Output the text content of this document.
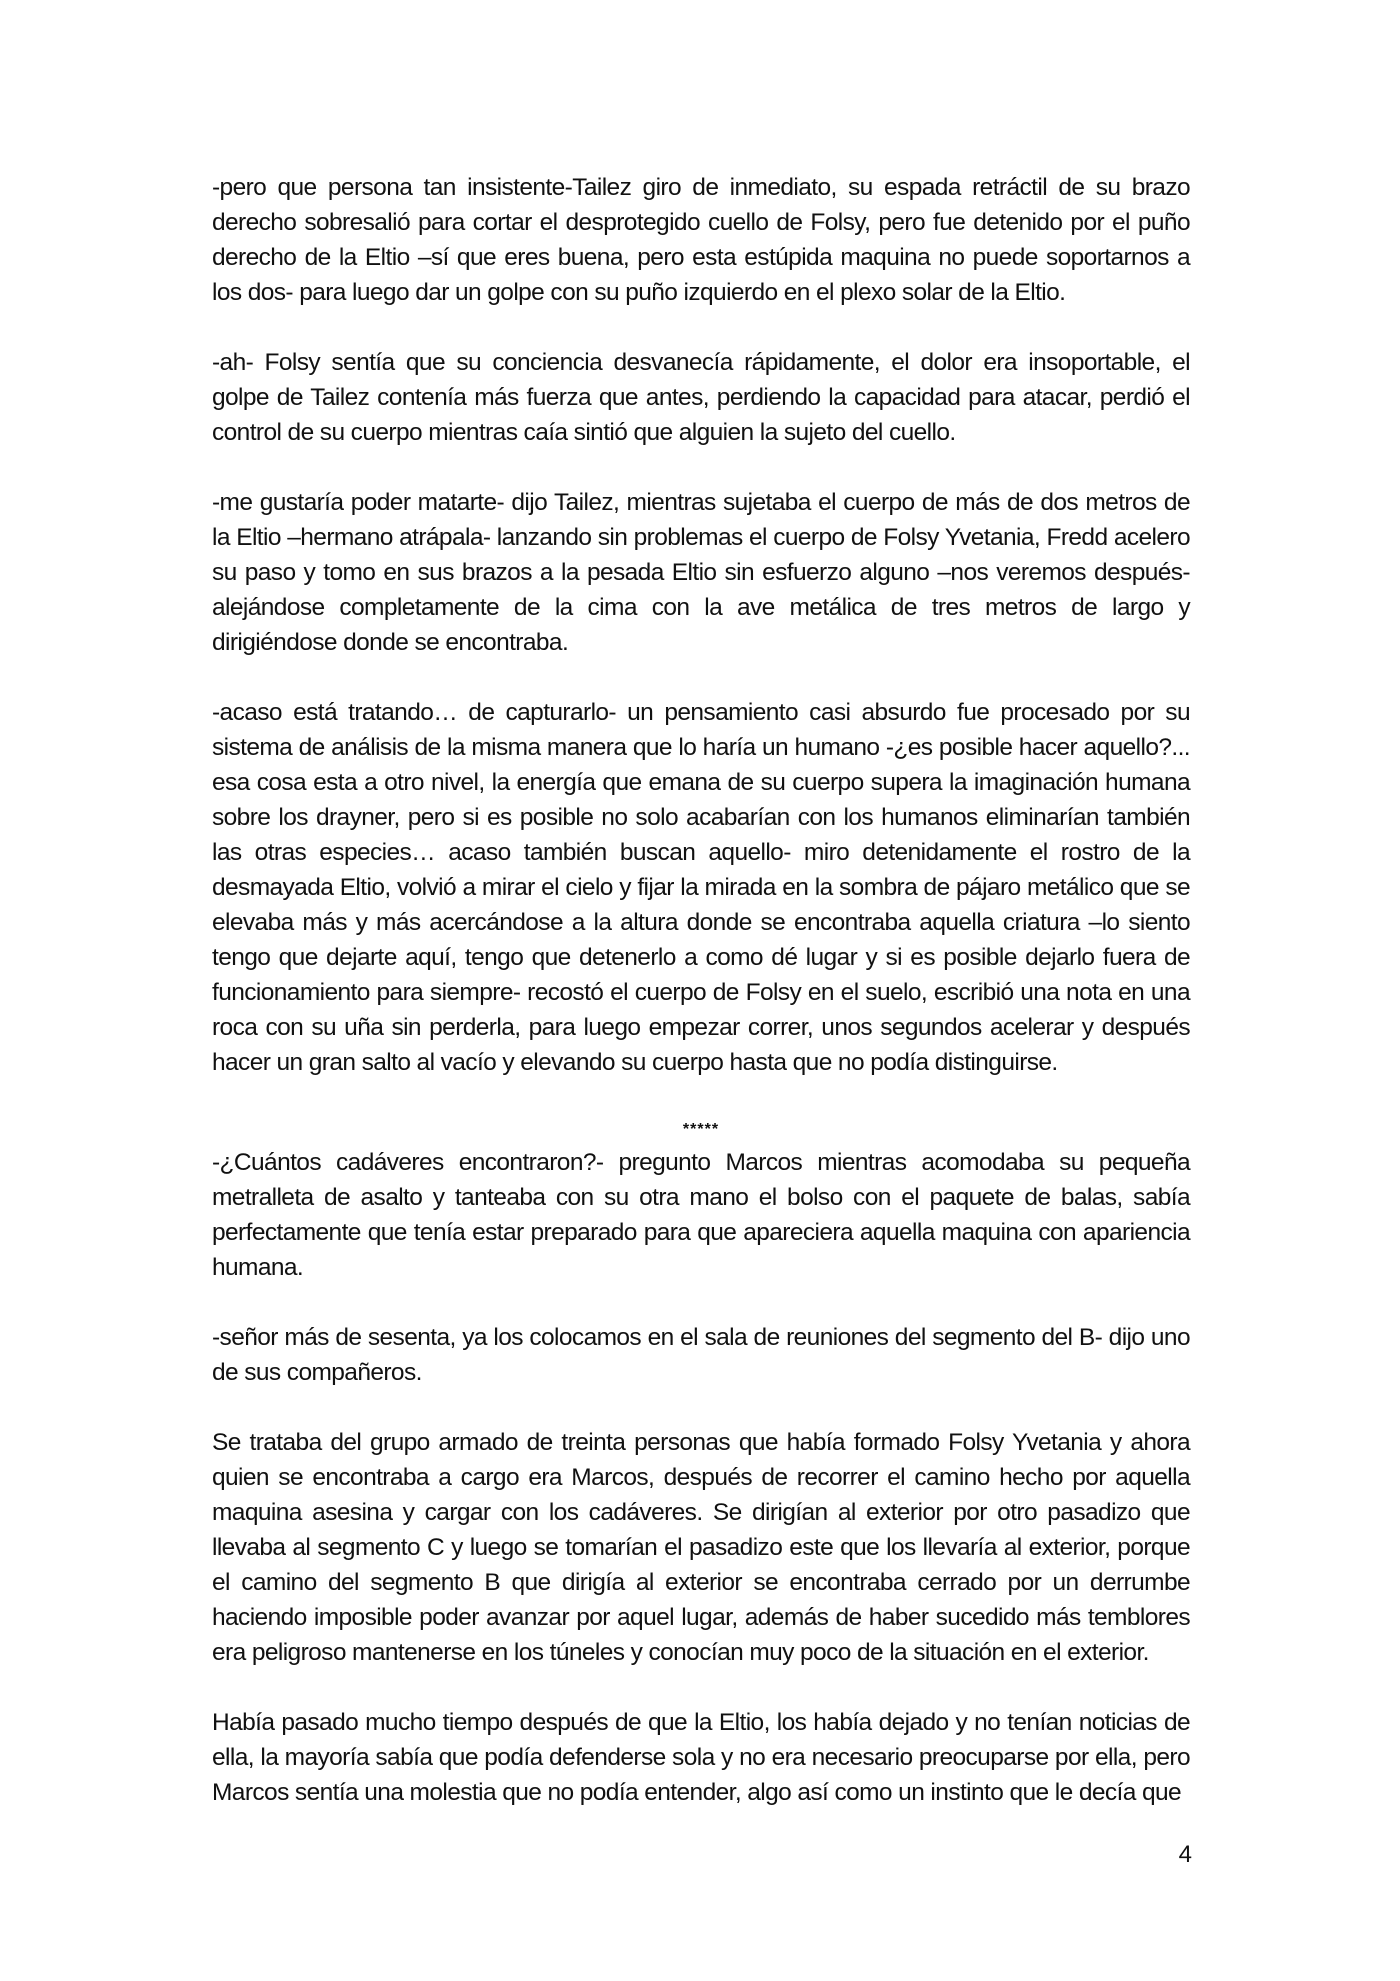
-pero que persona tan insistente-Tailez giro de inmediato, su espada retráctil de su brazo derecho sobresalió para cortar el desprotegido cuello de Folsy, pero fue detenido por el puño derecho de la Eltio –sí que eres buena, pero esta estúpida maquina no puede soportarnos a los dos- para luego dar un golpe con su puño izquierdo en el plexo solar de la Eltio.

-ah- Folsy sentía que su conciencia desvanecía rápidamente, el dolor era insoportable, el golpe de Tailez contenía más fuerza que antes, perdiendo la capacidad para atacar, perdió el control de su cuerpo mientras caía sintió que alguien la sujeto del cuello.

-me gustaría poder matarte- dijo Tailez, mientras sujetaba el cuerpo de más de dos metros de la Eltio –hermano atrápala- lanzando sin problemas el cuerpo de Folsy Yvetania, Fredd acelero su paso y tomo en sus brazos a la pesada Eltio sin esfuerzo alguno –nos veremos después- alejándose completamente de la cima con la ave metálica de tres metros de largo y dirigiéndose donde se encontraba.

-acaso está tratando… de capturarlo- un pensamiento casi absurdo fue procesado por su sistema de análisis de la misma manera que lo haría un humano -¿es posible hacer aquello?... esa cosa esta a otro nivel, la energía que emana de su cuerpo supera la imaginación humana sobre los drayner, pero si es posible no solo acabarían con los humanos eliminarían también las otras especies… acaso también buscan aquello- miro detenidamente el rostro de la desmayada Eltio, volvió a mirar el cielo y fijar la mirada en la sombra de pájaro metálico que se elevaba más y más acercándose a la altura donde se encontraba aquella criatura –lo siento tengo que dejarte aquí, tengo que detenerlo a como dé lugar y si es posible dejarlo fuera de funcionamiento para siempre- recostó el cuerpo de Folsy en el suelo, escribió una nota en una roca con su uña sin perderla, para luego empezar correr, unos segundos acelerar y después hacer un gran salto al vacío y elevando su cuerpo hasta que no podía distinguirse.

*****

-¿Cuántos cadáveres encontraron?- pregunto Marcos mientras acomodaba su pequeña metralleta de asalto y tanteaba con su otra mano el bolso con el paquete de balas, sabía perfectamente que tenía estar preparado para que apareciera aquella maquina con apariencia humana.

-señor más de sesenta, ya los colocamos en el sala de reuniones del segmento del B- dijo uno de sus compañeros.

Se trataba del grupo armado de treinta personas que había formado Folsy Yvetania y ahora quien se encontraba a cargo era Marcos, después de recorrer el camino hecho por aquella maquina asesina y cargar con los cadáveres. Se dirigían al exterior por otro pasadizo que llevaba al segmento C y luego se tomarían el pasadizo este que los llevaría al exterior, porque el camino del segmento B que dirigía al exterior se encontraba cerrado por un derrumbe haciendo imposible poder avanzar por aquel lugar, además de haber sucedido más temblores era peligroso mantenerse en los túneles y conocían muy poco de la situación en el exterior.

Había pasado mucho tiempo después de que la Eltio, los había dejado y no tenían noticias de ella, la mayoría sabía que podía defenderse sola y no era necesario preocuparse por ella, pero Marcos sentía una molestia que no podía entender, algo así como un instinto que le decía que

4
